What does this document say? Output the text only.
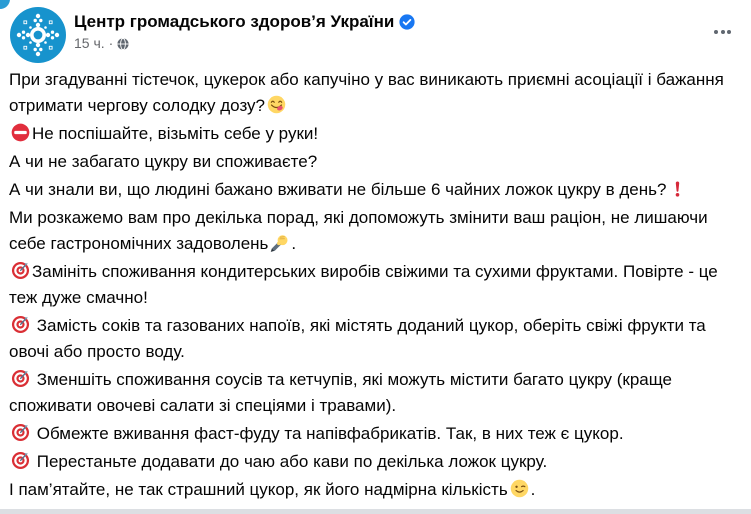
Центр громадського здоров’я України
15 ч. ·

При згадуванні тістечок, цукерок або капучіно у вас виникають приємні асоціації і бажання отримати чергову солодку дозу?

Не поспішайте, візьміть себе у руки!

А чи не забагато цукру ви споживаєте?

А чи знали ви, що людині бажано вживати не більше 6 чайних ложок цукру в день?

Ми розкажемо вам про декілька порад, які допоможуть змінити ваш раціон, не лишаючи себе гастрономічних задоволень .

Замініть споживання кондитерських виробів свіжими та сухими фруктами. Повірте - це теж дуже смачно!

Замість соків та газованих напоїв, які містять доданий цукор, оберіть свіжі фрукти та овочі або просто воду.

Зменшіть споживання соусів та кетчупів, які можуть містити багато цукру (краще споживати овочеві салати зі спеціями і травами).

Обмежте вживання фаст-фуду та напівфабрикатів. Так, в них теж є цукор.

Перестаньте додавати до чаю або кави по декілька ложок цукру.

І пам’ятайте, не так страшний цукор, як його надмірна кількість .
